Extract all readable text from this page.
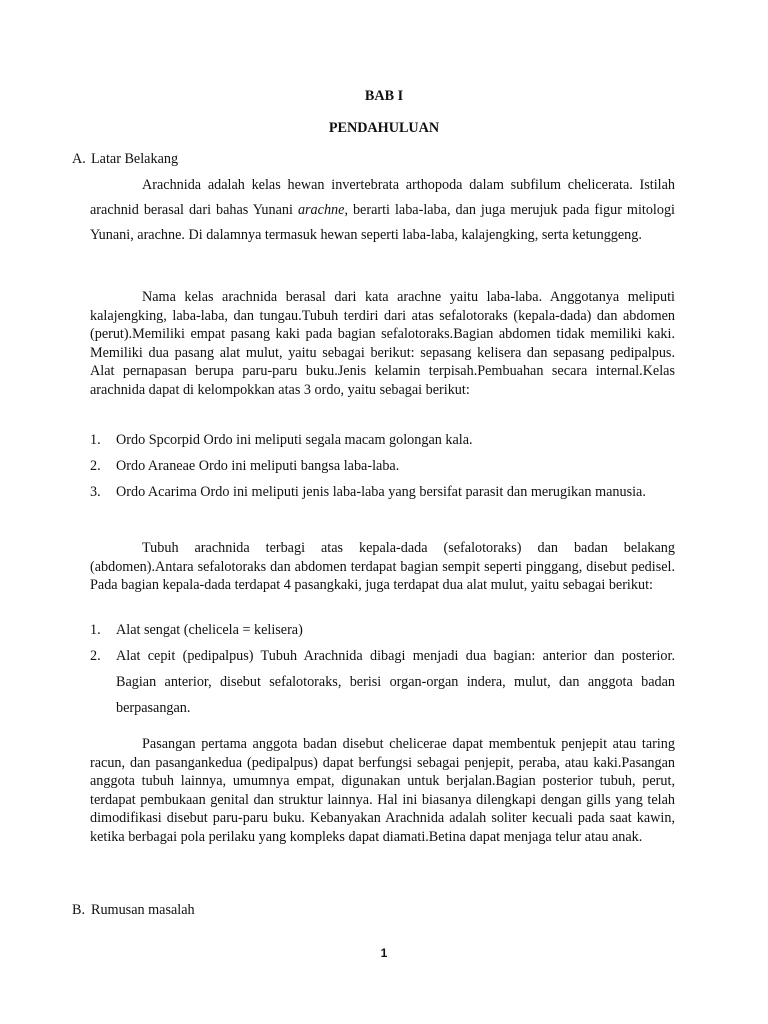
BAB I

PENDAHULUAN

A. Latar Belakang

Arachnida adalah kelas hewan invertebrata arthopoda dalam subfilum chelicerata. Istilah arachnid berasal dari bahas Yunani arachne, berarti laba-laba, dan juga merujuk pada figur mitologi Yunani, arachne. Di dalamnya termasuk hewan seperti laba-laba, kalajengking, serta ketunggeng.

Nama kelas arachnida berasal dari kata arachne yaitu laba-laba. Anggotanya meliputi kalajengking, laba-laba, dan tungau.Tubuh terdiri dari atas sefalotoraks (kepala-dada) dan abdomen (perut).Memiliki empat pasang kaki pada bagian sefalotoraks.Bagian abdomen tidak memiliki kaki. Memiliki dua pasang alat mulut, yaitu sebagai berikut: sepasang kelisera dan sepasang pedipalpus. Alat pernapasan berupa paru-paru buku.Jenis kelamin terpisah.Pembuahan secara internal.Kelas arachnida dapat di kelompokkan atas 3 ordo, yaitu sebagai berikut:

1. Ordo Spcorpid Ordo ini meliputi segala macam golongan kala.
2. Ordo Araneae Ordo ini meliputi bangsa laba-laba.
3. Ordo Acarima Ordo ini meliputi jenis laba-laba yang bersifat parasit dan merugikan manusia.

Tubuh arachnida terbagi atas kepala-dada (sefalotoraks) dan badan belakang (abdomen).Antara sefalotoraks dan abdomen terdapat bagian sempit seperti pinggang, disebut pedisel. Pada bagian kepala-dada terdapat 4 pasangkaki, juga terdapat dua alat mulut, yaitu sebagai berikut:

1. Alat sengat (chelicela = kelisera)
2. Alat cepit (pedipalpus) Tubuh Arachnida dibagi menjadi dua bagian: anterior dan posterior. Bagian anterior, disebut sefalotoraks, berisi organ-organ indera, mulut, dan anggota badan berpasangan.

Pasangan pertama anggota badan disebut chelicerae dapat membentuk penjepit atau taring racun, dan pasangankedua (pedipalpus) dapat berfungsi sebagai penjepit, peraba, atau kaki.Pasangan anggota tubuh lainnya, umumnya empat, digunakan untuk berjalan.Bagian posterior tubuh, perut, terdapat pembukaan genital dan struktur lainnya. Hal ini biasanya dilengkapi dengan gills yang telah dimodifikasi disebut paru-paru buku. Kebanyakan Arachnida adalah soliter kecuali pada saat kawin, ketika berbagai pola perilaku yang kompleks dapat diamati.Betina dapat menjaga telur atau anak.

B. Rumusan masalah

1
